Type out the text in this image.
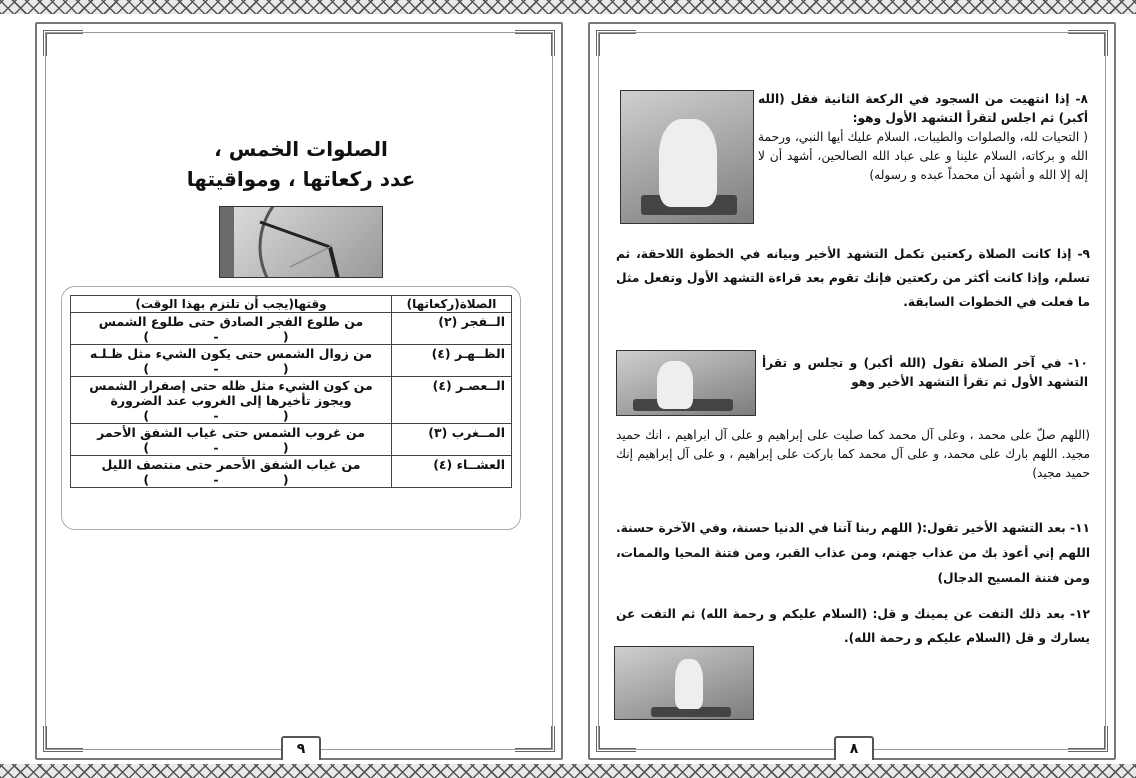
الصلوات الخمس ،
عدد ركعاتها ، ومواقيتها
الصلاة(ركعاتها)	وقتها(يجب أن تلتزم بهذا الوقت)
الــفجر (٢)	من طلوع الفجر الصادق حتى طلوع الشمس
( - )

الظــهـر (٤)	من زوال الشمس حتى يكون الشيء مثل ظـلـه
( - )

الــعصـر (٤)	من كون الشيء مثل ظله حتى إصفرار الشمس ويجوز تأخيرها إلى الغروب عند الضرورة
( - )

المــغرب (٣)	من غروب الشمس حتى غياب الشفق الأحمر
( - )

العشــاء (٤)	من غياب الشفق الأحمر حتى منتصف الليل
( - )
٩

٨- إذا انتهيت من السجود في الركعة الثانية فقل (الله أكبر) ثم اجلس لتقرأ التشهد الأول وهو:

( التحيات لله، والصلوات والطيبات، السلام عليك أيها النبي، ورحمة الله و بركاته، السلام علينا و على عباد الله الصالحين، أشهد أن لا إله إلا الله و أشهد أن محمداً عبده و رسوله)

٩- إذا كانت الصلاة ركعتين تكمل التشهد الأخير وبيانه في الخطوة اللاحقة، ثم تسلم، وإذا كانت أكثر من ركعتين فإنك تقوم بعد قراءة التشهد الأول وتفعل مثل ما فعلت في الخطوات السابقة.

١٠- في آخر الصلاة تقول (الله أكبر) و تجلس و تقرأ التشهد الأول ثم تقرأ التشهد الأخير وهو

(اللهم صلّ على محمد ، وعلى آل محمد كما صليت على إبراهيم و على آل ابراهيم ، انك حميد مجيد. اللهم بارك على محمد، و على آل محمد كما باركت على إبراهيم ، و على آل إبراهيم إنك حميد مجيد)

١١- بعد التشهد الأخير تقول:( اللهم ربنا آتنا في الدنيا حسنة، وفي الآخرة حسنة. اللهم إني أعوذ بك من عذاب جهنم، ومن عذاب القبر، ومن فتنة المحيا والممات، ومن فتنة المسيح الدجال)

١٢- بعد ذلك التفت عن يمينك و قل: (السلام عليكم و رحمة الله) ثم التفت عن يسارك و قل (السلام عليكم و رحمة الله).

٨
